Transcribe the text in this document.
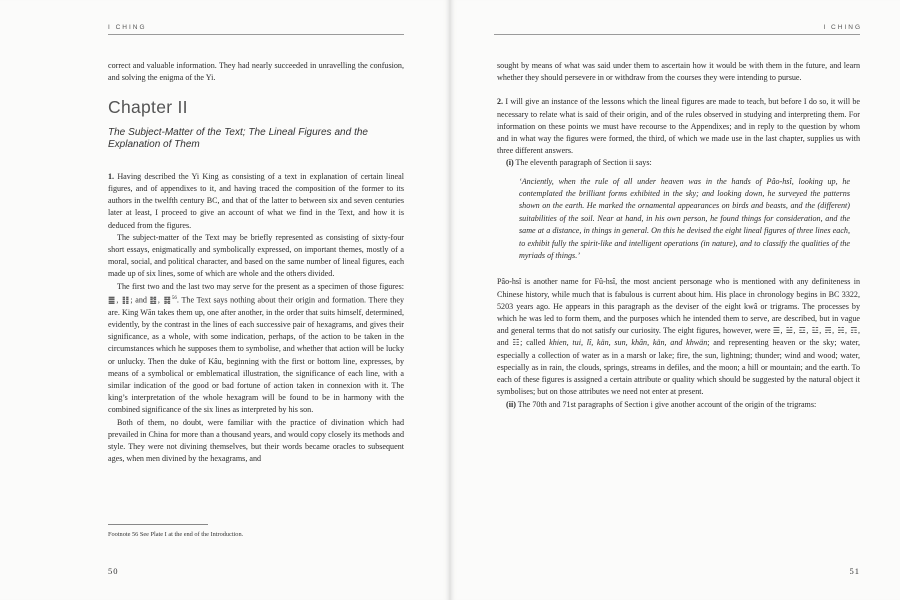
I CHING

correct and valuable information. They had nearly succeeded in unravelling the confusion, and solving the enigma of the Yi.

Chapter II
The Subject-Matter of the Text; The Lineal Figures and the Explanation of Them

1. Having described the Yi King as consisting of a text in explanation of certain lineal figures, and of appendixes to it, and having traced the composition of the former to its authors in the twelfth century BC, and that of the latter to between six and seven centuries later at least, I proceed to give an account of what we find in the Text, and how it is deduced from the figures.

The subject-matter of the Text may be briefly represented as consisting of sixty-four short essays, enigmatically and symbolically expressed, on important themes, mostly of a moral, social, and political character, and based on the same number of lineal figures, each made up of six lines, some of which are whole and the others divided.

The first two and the last two may serve for the present as a specimen of those figures: ䷀, ䷁; and ䷾, ䷿$^{56}$. The Text says nothing about their origin and formation. There they are. King Wăn takes them up, one after another, in the order that suits himself, determined, evidently, by the contrast in the lines of each successive pair of hexagrams, and gives their significance, as a whole, with some indication, perhaps, of the action to be taken in the circumstances which he supposes them to symbolise, and whether that action will be lucky or unlucky. Then the duke of Kâu, beginning with the first or bottom line, expresses, by means of a symbolical or emblematical illustration, the significance of each line, with a similar indication of the good or bad fortune of action taken in connexion with it. The king’s interpretation of the whole hexagram will be found to be in harmony with the combined significance of the six lines as interpreted by his son.

Both of them, no doubt, were familiar with the practice of divination which had prevailed in China for more than a thousand years, and would copy closely its methods and style. They were not divining themselves, but their words became oracles to subsequent ages, when men divined by the hexagrams, and

Footnote 56 See Plate I at the end of the Introduction.
50
I CHING

sought by means of what was said under them to ascertain how it would be with them in the future, and learn whether they should persevere in or withdraw from the courses they were intending to pursue.

2. I will give an instance of the lessons which the lineal figures are made to teach, but before I do so, it will be necessary to relate what is said of their origin, and of the rules observed in studying and interpreting them. For information on these points we must have recourse to the Appendixes; and in reply to the question by whom and in what way the figures were formed, the third, of which we made use in the last chapter, supplies us with three different answers.

(i) The eleventh paragraph of Section ii says:

‘Anciently, when the rule of all under heaven was in the hands of Pâo-hsî, looking up, he contemplated the brilliant forms exhibited in the sky; and looking down, he surveyed the patterns shown on the earth. He marked the ornamental appearances on birds and beasts, and the (different) suitabilities of the soil. Near at hand, in his own person, he found things for consideration, and the same at a distance, in things in general. On this he devised the eight lineal figures of three lines each, to exhibit fully the spirit-like and intelligent operations (in nature), and to classify the qualities of the myriads of things.’

Pâo-hsî is another name for Fû-hsî, the most ancient personage who is mentioned with any definiteness in Chinese history, while much that is fabulous is current about him. His place in chronology begins in BC 3322, 5203 years ago. He appears in this paragraph as the deviser of the eight kwâ or trigrams. The processes by which he was led to form them, and the purposes which he intended them to serve, are described, but in vague and general terms that do not satisfy our curiosity. The eight figures, however, were ☰, ☱, ☲, ☳, ☴, ☵, ☶, and ☷; called khien, tui, lî, kän, sun, khân, kän, and khwän; and representing heaven or the sky; water, especially a collection of water as in a marsh or lake; fire, the sun, lightning; thunder; wind and wood; water, especially as in rain, the clouds, springs, streams in defiles, and the moon; a hill or mountain; and the earth. To each of these figures is assigned a certain attribute or quality which should be suggested by the natural object it symbolises; but on those attributes we need not enter at present.

(ii) The 70th and 71st paragraphs of Section i give another account of the origin of the trigrams:

51
